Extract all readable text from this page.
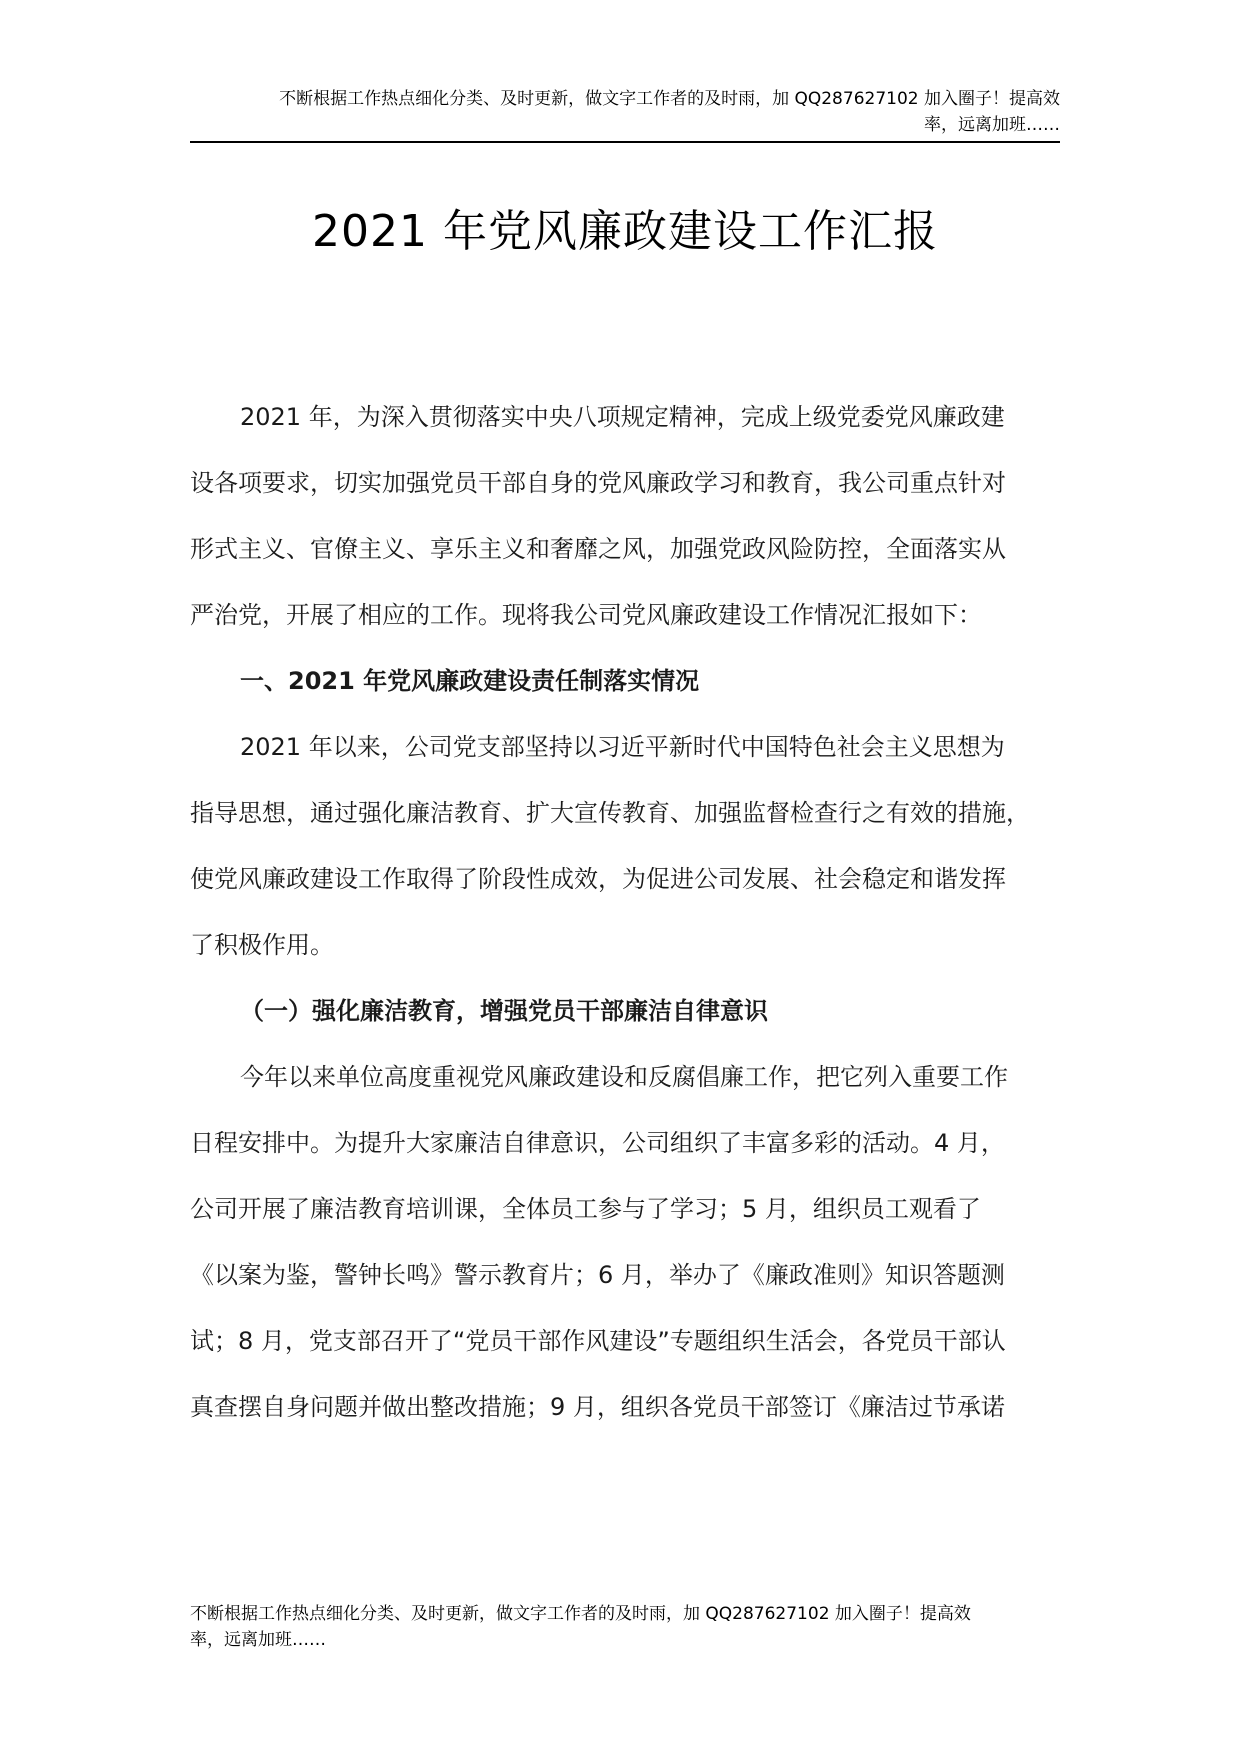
不断根据工作热点细化分类、及时更新，做文字工作者的及时雨，加 QQ287627102 加入圈子！提高效
率，远离加班……
2021 年党风廉政建设工作汇报
2021 年，为深入贯彻落实中央八项规定精神，完成上级党委党风廉政建
设各项要求，切实加强党员干部自身的党风廉政学习和教育，我公司重点针对
形式主义、官僚主义、享乐主义和奢靡之风，加强党政风险防控，全面落实从
严治党，开展了相应的工作。现将我公司党风廉政建设工作情况汇报如下：
一、2021 年党风廉政建设责任制落实情况
2021 年以来，公司党支部坚持以习近平新时代中国特色社会主义思想为
指导思想，通过强化廉洁教育、扩大宣传教育、加强监督检查行之有效的措施，
使党风廉政建设工作取得了阶段性成效，为促进公司发展、社会稳定和谐发挥
了积极作用。
（一）强化廉洁教育，增强党员干部廉洁自律意识
今年以来单位高度重视党风廉政建设和反腐倡廉工作，把它列入重要工作
日程安排中。为提升大家廉洁自律意识，公司组织了丰富多彩的活动。4 月，
公司开展了廉洁教育培训课，全体员工参与了学习；5 月，组织员工观看了
《以案为鉴，警钟长鸣》警示教育片；6 月，举办了《廉政准则》知识答题测
试；8 月，党支部召开了“党员干部作风建设”专题组织生活会，各党员干部认
真查摆自身问题并做出整改措施；9 月，组织各党员干部签订《廉洁过节承诺
不断根据工作热点细化分类、及时更新，做文字工作者的及时雨，加 QQ287627102 加入圈子！提高效
率，远离加班……
